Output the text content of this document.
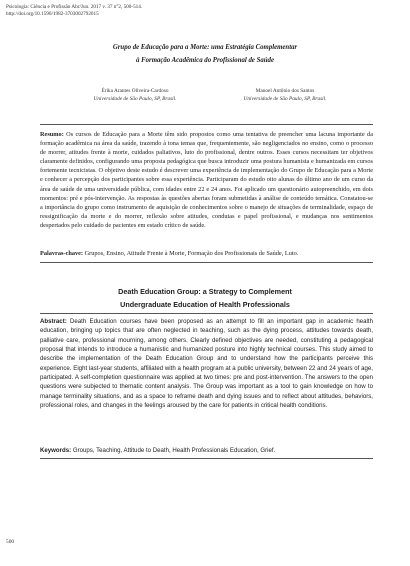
Psicologia: Ciência e Profissão Abr/Jun. 2017 v. 37 n°2, 500-514.
http://doi.org/10.1590/1982-3703002792015
Grupo de Educação para a Morte: uma Estratégia Complementar
à Formação Acadêmica do Profissional de Saúde
Érika Arantes Oliveira-Cardoso
Universidade de São Paulo, SP, Brasil.
Manoel Antônio dos Santos
Universidade de São Paulo, SP, Brasil.
Resumo: Os cursos de Educação para a Morte têm sido propostos como uma tentativa de preencher uma lacuna importante da formação acadêmica na área da saúde, trazendo à tona temas que, frequentemente, são negligenciados no ensino, como o processo de morrer, atitudes frente à morte, cuidados paliativos, luto do profissional, dentre outros. Esses cursos necessitam ter objetivos claramente definidos, configurando uma proposta pedagógica que busca introduzir uma postura humanista e humanizada em cursos fortemente tecnicistas. O objetivo deste estudo é descrever uma experiência de implementação do Grupo de Educação para a Morte e conhecer a percepção dos participantes sobre essa experiência. Participaram do estudo oito alunas do último ano de um curso da área de saúde de uma universidade pública, com idades entre 22 e 24 anos. Foi aplicado um questionário autopreenchido, em dois momentos: pré e pós-intervenção. As respostas às questões abertas foram submetidas à análise de conteúdo temática. Constatou-se a importância do grupo como instrumento de aquisição de conhecimentos sobre o manejo de situações de terminalidade, espaço de ressignificação da morte e do morrer, reflexão sobre atitudes, condutas e papel profissional, e mudanças nos sentimentos despertados pelo cuidado de pacientes em estado crítico de saúde.
Palavras-chave: Grupos, Ensino, Atitude Frente à Morte, Formação dos Profissionais de Saúde, Luto.
Death Education Group: a Strategy to Complement
Undergraduate Education of Health Professionals
Abstract: Death Education courses have been proposed as an attempt to fill an important gap in academic health education, bringing up topics that are often neglected in teaching, such as the dying process, attitudes towards death, palliative care, professional mourning, among others. Clearly defined objectives are needed, constituting a pedagogical proposal that intends to introduce a humanistic and humanized posture into highly technical courses. This study aimed to describe the implementation of the Death Education Group and to understand how the participants perceive this experience. Eight last-year students, affiliated with a health program at a public university, between 22 and 24 years of age, participated. A self-completion questionnaire was applied at two times: pre and post-intervention. The answers to the open questions were subjected to thematic content analysis. The Group was important as a tool to gain knowledge on how to manage terminality situations, and as a space to reframe death and dying issues and to reflect about attitudes, behaviors, professional roles, and changes in the feelings aroused by the care for patients in critical health conditions.
Keywords: Groups, Teaching, Attitude to Death, Health Professionals Education, Grief.
500
